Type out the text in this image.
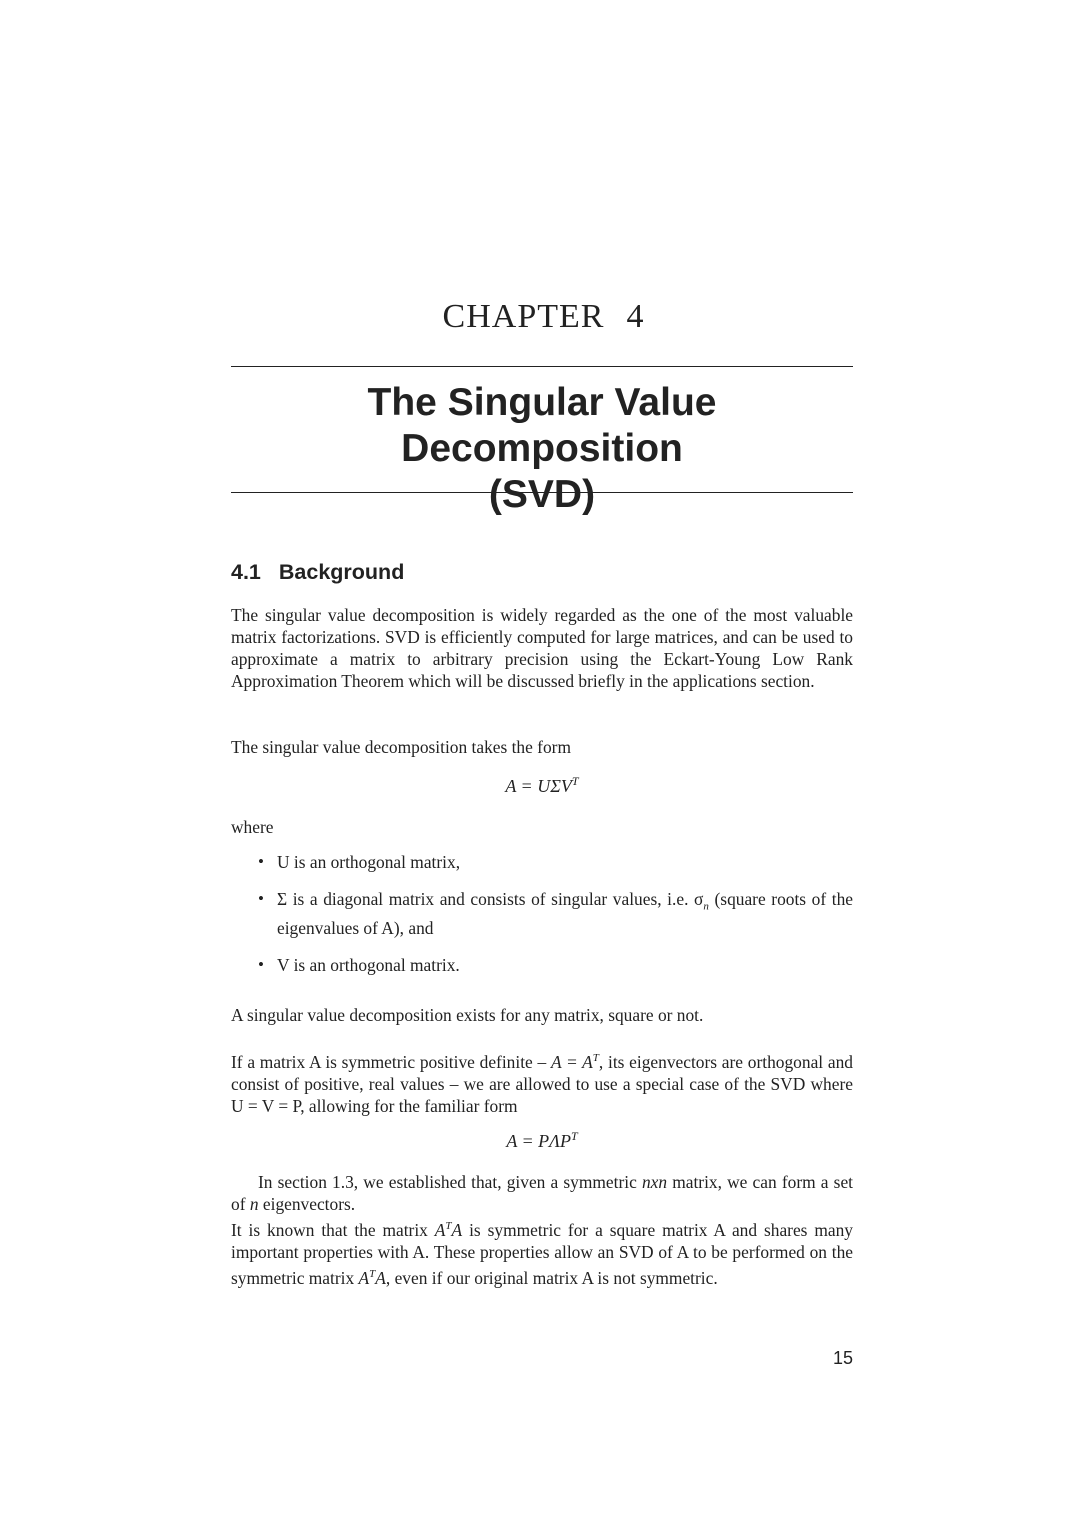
CHAPTER 4
The Singular Value Decomposition
(SVD)
4.1 Background

The singular value decomposition is widely regarded as the one of the most valuable matrix factorizations. SVD is efficiently computed for large matrices, and can be used to approximate a matrix to arbitrary precision using the Eckart-Young Low Rank Approximation Theorem which will be discussed briefly in the applications section.

The singular value decomposition takes the form

$A = U\Sigma V^T$

where

• U is an orthogonal matrix,
• Σ is a diagonal matrix and consists of singular values, i.e. $\sigma_n$ (square roots of the eigenvalues of A), and
• V is an orthogonal matrix.

A singular value decomposition exists for any matrix, square or not.

If a matrix A is symmetric positive definite – $A = A^T$, its eigenvectors are orthogonal and consist of positive, real values – we are allowed to use a special case of the SVD where U = V = P, allowing for the familiar form

$A = P\Lambda P^T$

In section 1.3, we established that, given a symmetric nxn matrix, we can form a set of n eigenvectors.

It is known that the matrix $A^TA$ is symmetric for a square matrix A and shares many important properties with A. These properties allow an SVD of A to be performed on the symmetric matrix $A^TA$, even if our original matrix A is not symmetric.

15
